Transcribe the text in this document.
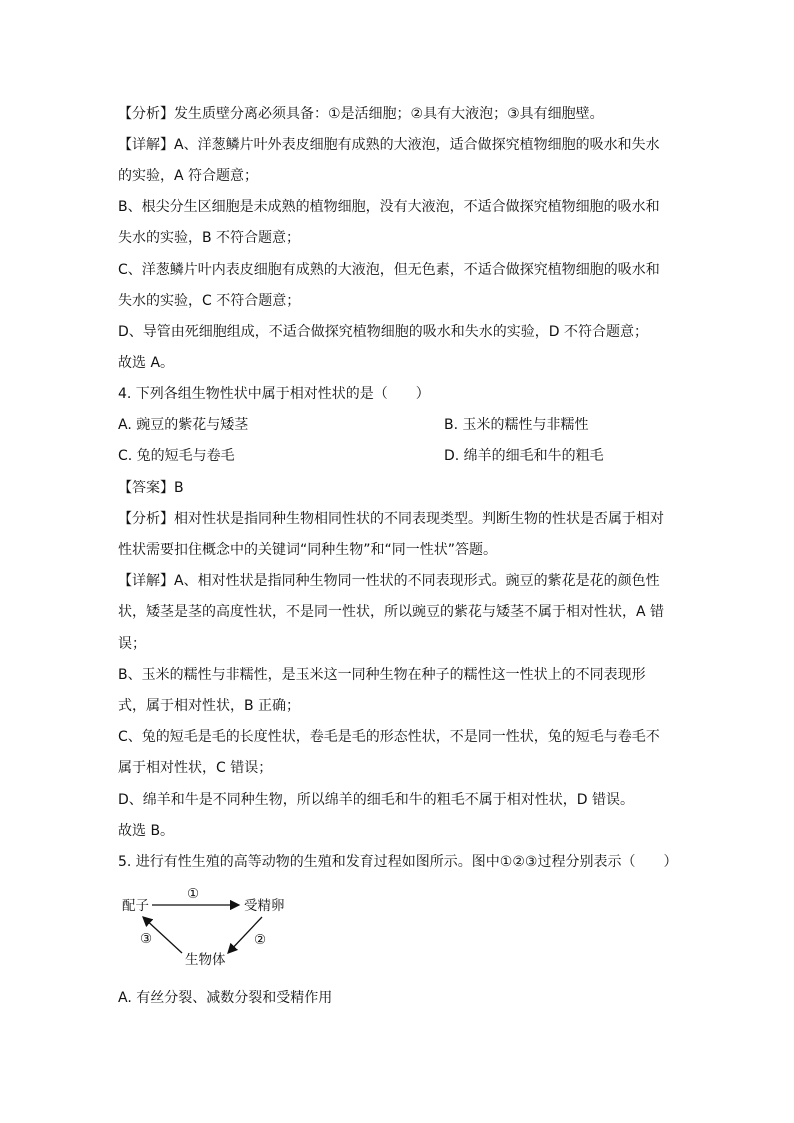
【分析】发生质壁分离必须具备：①是活细胞；②具有大液泡；③具有细胞壁。
【详解】A、洋葱鳞片叶外表皮细胞有成熟的大液泡，适合做探究植物细胞的吸水和失水
的实验，A 符合题意；
B、根尖分生区细胞是未成熟的植物细胞，没有大液泡，不适合做探究植物细胞的吸水和
失水的实验，B 不符合题意；
C、洋葱鳞片叶内表皮细胞有成熟的大液泡，但无色素，不适合做探究植物细胞的吸水和
失水的实验，C 不符合题意；
D、导管由死细胞组成，不适合做探究植物细胞的吸水和失水的实验，D 不符合题意；
故选 A。
4. 下列各组生物性状中属于相对性状的是（　　）
A. 豌豆的紫花与矮茎	B. 玉米的糯性与非糯性
C. 兔的短毛与卷毛	D. 绵羊的细毛和牛的粗毛
【答案】B
【分析】相对性状是指同种生物相同性状的不同表现类型。判断生物的性状是否属于相对
性状需要扣住概念中的关键词“同种生物”和“同一性状”答题。
【详解】A、相对性状是指同种生物同一性状的不同表现形式。豌豆的紫花是花的颜色性
状，矮茎是茎的高度性状，不是同一性状，所以豌豆的紫花与矮茎不属于相对性状，A 错
误；
B、玉米的糯性与非糯性，是玉米这一同种生物在种子的糯性这一性状上的不同表现形
式，属于相对性状，B 正确；
C、兔的短毛是毛的长度性状，卷毛是毛的形态性状，不是同一性状，兔的短毛与卷毛不
属于相对性状，C 错误；
D、绵羊和牛是不同种生物，所以绵羊的细毛和牛的粗毛不属于相对性状，D 错误。
故选 B。
5. 进行有性生殖的高等动物的生殖和发育过程如图所示。图中①②③过程分别表示（　　）
配子	受精卵
生物体
①
②
③
A. 有丝分裂、减数分裂和受精作用
